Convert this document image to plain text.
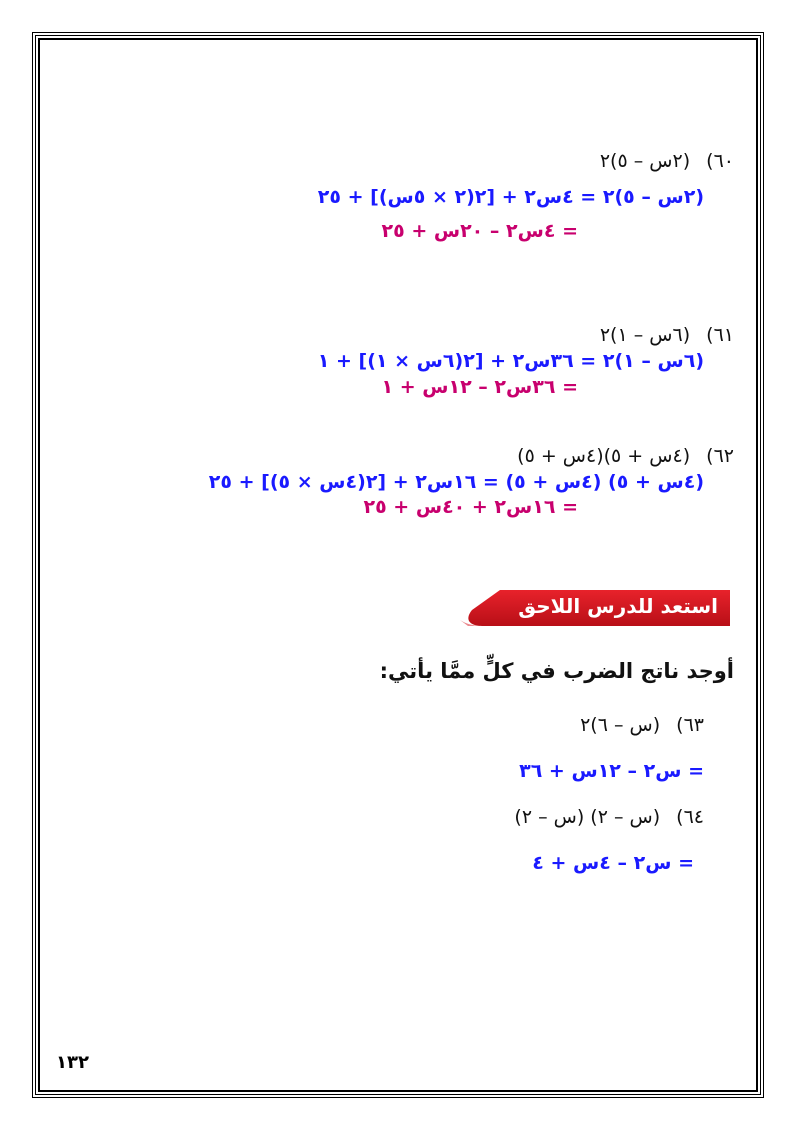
٦٠) (٢س – ٥)٢
(٢س – ٥)٢ = ٤س٢ + [٢(٢ × ٥س)] + ٢٥
= ٤س٢ – ٢٠س + ٢٥
٦١) (٦س – ١)٢
(٦س – ١)٢ = ٣٦س٢ + [٢(٦س × ١)] + ١
= ٣٦س٢ – ١٢س + ١
٦٢) (٤س + ٥)(٤س + ٥)
(٤س + ٥) (٤س + ٥) = ١٦س٢ + [٢(٤س × ٥)] + ٢٥
= ١٦س٢ + ٤٠س + ٢٥
استعد للدرس اللاحق
أوجد ناتج الضرب في كلٍّ ممَّا يأتي:
٦٣) (س – ٦)٢
= س٢ – ١٢س + ٣٦
٦٤) (س – ٢) (س – ٢)
= س٢ – ٤س + ٤
١٣٢
